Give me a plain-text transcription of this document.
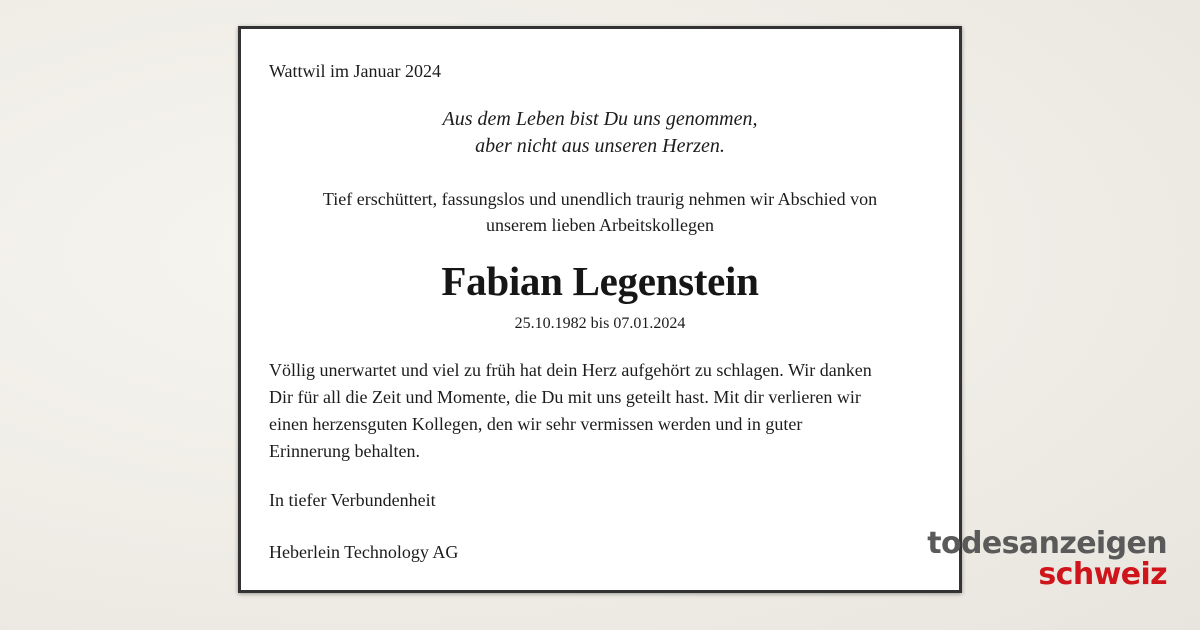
Wattwil im Januar 2024
Aus dem Leben bist Du uns genommen,
aber nicht aus unseren Herzen.
Tief erschüttert, fassungslos und unendlich traurig nehmen wir Abschied von
unserem lieben Arbeitskollegen
Fabian Legenstein
25.10.1982 bis 07.01.2024
Völlig unerwartet und viel zu früh hat dein Herz aufgehört zu schlagen. Wir danken
Dir für all die Zeit und Momente, die Du mit uns geteilt hast. Mit dir verlieren wir
einen herzensguten Kollegen, den wir sehr vermissen werden und in guter
Erinnerung behalten.
In tiefer Verbundenheit
Heberlein Technology AG	todesanzeigen
schweiz
